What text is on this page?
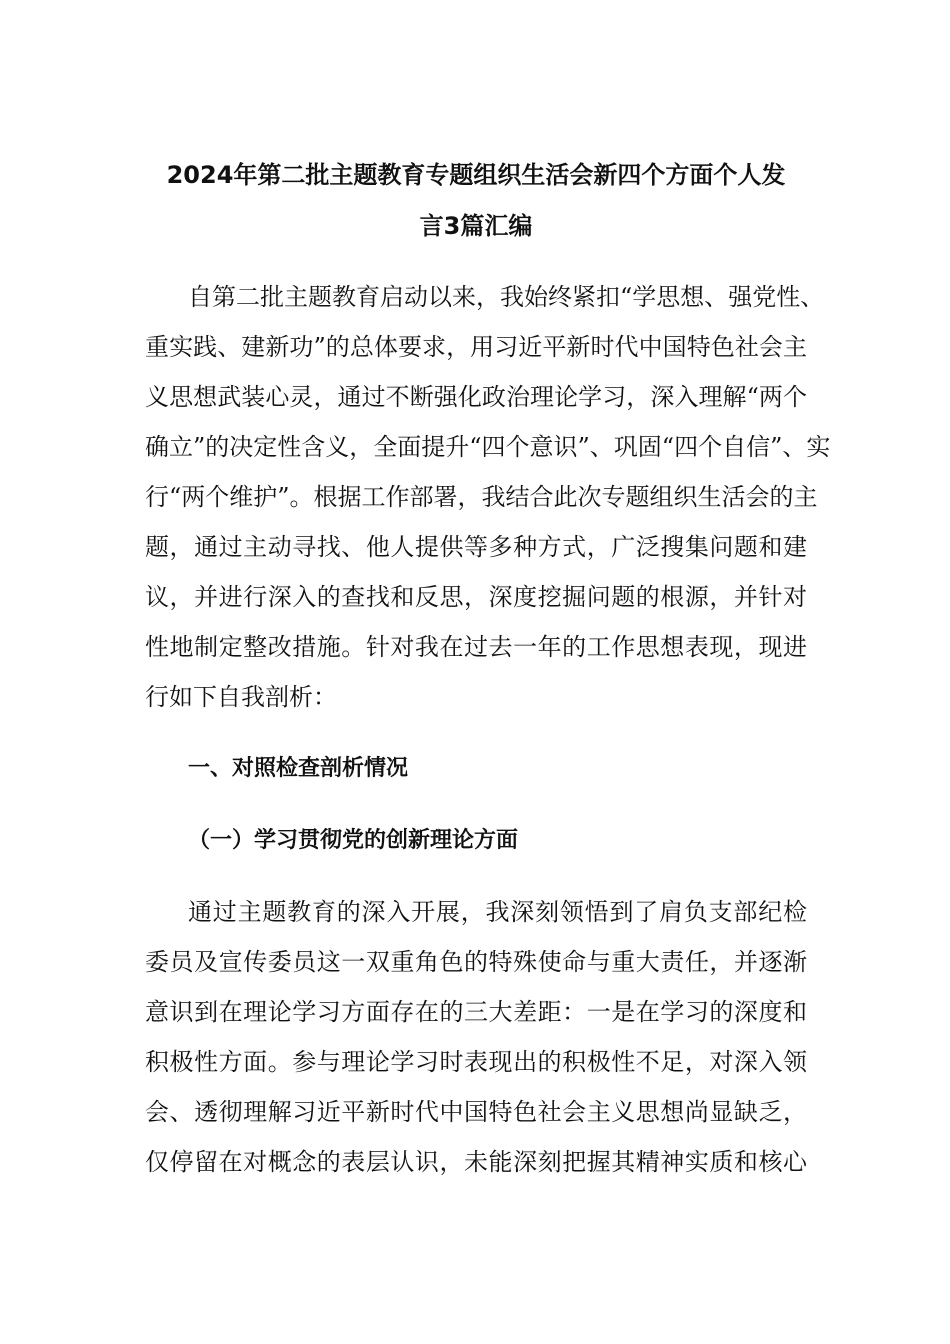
2024年第二批主题教育专题组织生活会新四个方面个人发
言3篇汇编
自第二批主题教育启动以来，我始终紧扣“学思想、强党性、
重实践、建新功”的总体要求，用习近平新时代中国特色社会主
义思想武装心灵，通过不断强化政治理论学习，深入理解“两个
确立”的决定性含义，全面提升“四个意识”、巩固“四个自信”、实
行“两个维护”。根据工作部署，我结合此次专题组织生活会的主
题，通过主动寻找、他人提供等多种方式，广泛搜集问题和建
议，并进行深入的查找和反思，深度挖掘问题的根源，并针对
性地制定整改措施。针对我在过去一年的工作思想表现，现进
行如下自我剖析：
一、对照检查剖析情况
（一）学习贯彻党的创新理论方面
通过主题教育的深入开展，我深刻领悟到了肩负支部纪检
委员及宣传委员这一双重角色的特殊使命与重大责任，并逐渐
意识到在理论学习方面存在的三大差距：一是在学习的深度和
积极性方面。参与理论学习时表现出的积极性不足，对深入领
会、透彻理解习近平新时代中国特色社会主义思想尚显缺乏，
仅停留在对概念的表层认识，未能深刻把握其精神实质和核心
